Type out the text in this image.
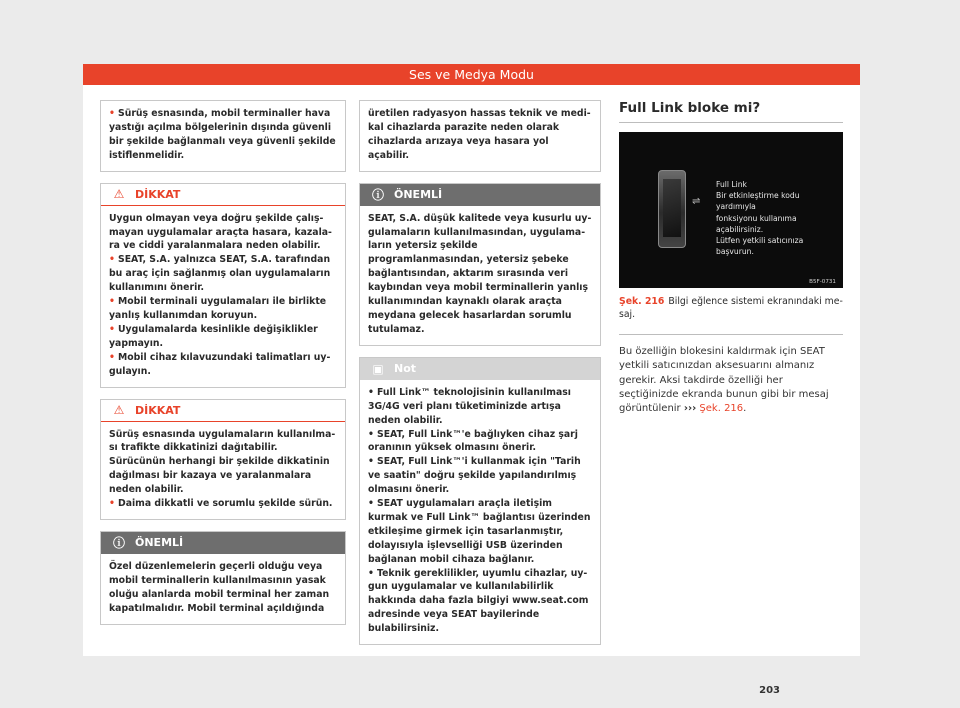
Ses ve Medya Modu

• Sürüş esnasında, mobil terminaller hava yastığı açılma bölgelerinin dışında güvenli bir şekilde bağlanmalı veya güvenli şekilde istiflenmelidir.

⚠ DİKKAT

Uygun olmayan veya doğru şekilde çalışmayan uygulamalar araçta hasara, kazalara ve ciddi yaralanmalara neden olabilir.

• SEAT, S.A. yalnızca SEAT, S.A. tarafından bu araç için sağlanmış olan uygulamaların kullanımını önerir.

• Mobil terminali uygulamaları ile birlikte yanlış kullanımdan koruyun.

• Uygulamalarda kesinlikle değişiklikler yapmayın.

• Mobil cihaz kılavuzundaki talimatları uygulayın.

⚠ DİKKAT

Sürüş esnasında uygulamaların kullanılması trafikte dikkatinizi dağıtabilir. Sürücünün herhangi bir şekilde dikkatinin dağılması bir kazaya ve yaralanmalara neden olabilir.

• Daima dikkatli ve sorumlu şekilde sürün.

ⓘ ÖNEMLİ

Özel düzenlemelerin geçerli olduğu veya mobil terminallerin kullanılmasının yasak oluğu alanlarda mobil terminal her zaman kapatılmalıdır. Mobil terminal açıldığında

üretilen radyasyon hassas teknik ve medikal cihazlarda parazite neden olarak cihazlarda arızaya veya hasara yol açabilir.

ⓘ ÖNEMLİ

SEAT, S.A. düşük kalitede veya kusurlu uygulamaların kullanılmasından, uygulamaların yetersiz şekilde programlanmasından, yetersiz şebeke bağlantısından, aktarım sırasında veri kaybından veya mobil terminallerin yanlış kullanımından kaynaklı olarak araçta meydana gelecek hasarlardan sorumlu tutulamaz.

▣ Not

• Full Link™ teknolojisinin kullanılması 3G/4G veri planı tüketiminizde artışa neden olabilir.

• SEAT, Full Link™'e bağlıyken cihaz şarj oranının yüksek olmasını önerir.

• SEAT, Full Link™'i kullanmak için "Tarih ve saatin" doğru şekilde yapılandırılmış olmasını önerir.

• SEAT uygulamaları araçla iletişim kurmak ve Full Link™ bağlantısı üzerinden etkileşime girmek için tasarlanmıştır, dolayısıyla işlevselliği USB üzerinden bağlanan mobil cihaza bağlanır.

• Teknik gereklilikler, uyumlu cihazlar, uygun uygulamalar ve kullanılabilirlik hakkında daha fazla bilgiyi www.seat.com adresinde veya SEAT bayilerinde bulabilirsiniz.

Full Link bloke mi?
⇌
Full Link
Bir etkinleştirme kodu yardımıyla
fonksiyonu kullanıma açabilirsiniz.
Lütfen yetkili satıcınıza başvurun.
B5F-0731
Şek. 216 Bilgi eğlence sistemi ekranındaki mesaj.

Bu özelliğin blokesini kaldırmak için SEAT yetkili satıcınızdan aksesuarını almanız gerekir. Aksi takdirde özelliği her seçtiğinizde ekranda bunun gibi bir mesaj görüntülenir ››› Şek. 216.

203
